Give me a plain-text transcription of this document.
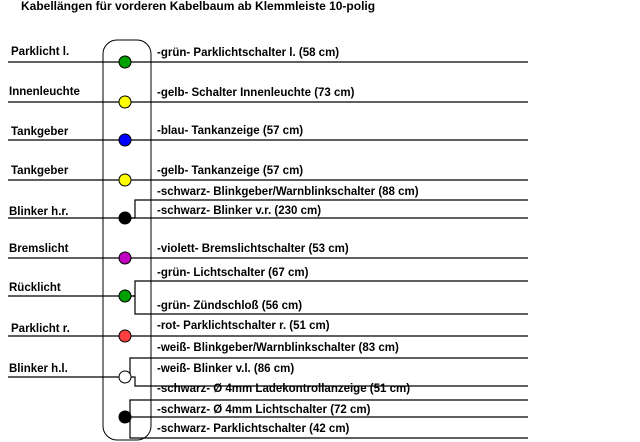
Kabellängen für vorderen Kabelbaum ab Klemmleiste 10-polig
Parklicht l.
Innenleuchte
Tankgeber
Tankgeber
Blinker h.r.
Bremslicht
Rücklicht
Parklicht r.
Blinker h.l.
-grün- Parklichtschalter l. (58 cm)
-gelb- Schalter Innenleuchte (73 cm)
-blau- Tankanzeige (57 cm)
-gelb- Tankanzeige (57 cm)
-schwarz- Blinkgeber/Warnblinkschalter (88 cm)
-schwarz- Blinker v.r. (230 cm)
-violett- Bremslichtschalter (53 cm)
-grün- Lichtschalter (67 cm)
-grün- Zündschloß (56 cm)
-rot- Parklichtschalter r. (51 cm)
-weiß- Blinkgeber/Warnblinkschalter (83 cm)
-weiß- Blinker v.l. (86 cm)
-schwarz- Ø 4mm Ladekontrollanzeige (51 cm)
-schwarz- Ø 4mm Lichtschalter (72 cm)
-schwarz- Parklichtschalter (42 cm)
